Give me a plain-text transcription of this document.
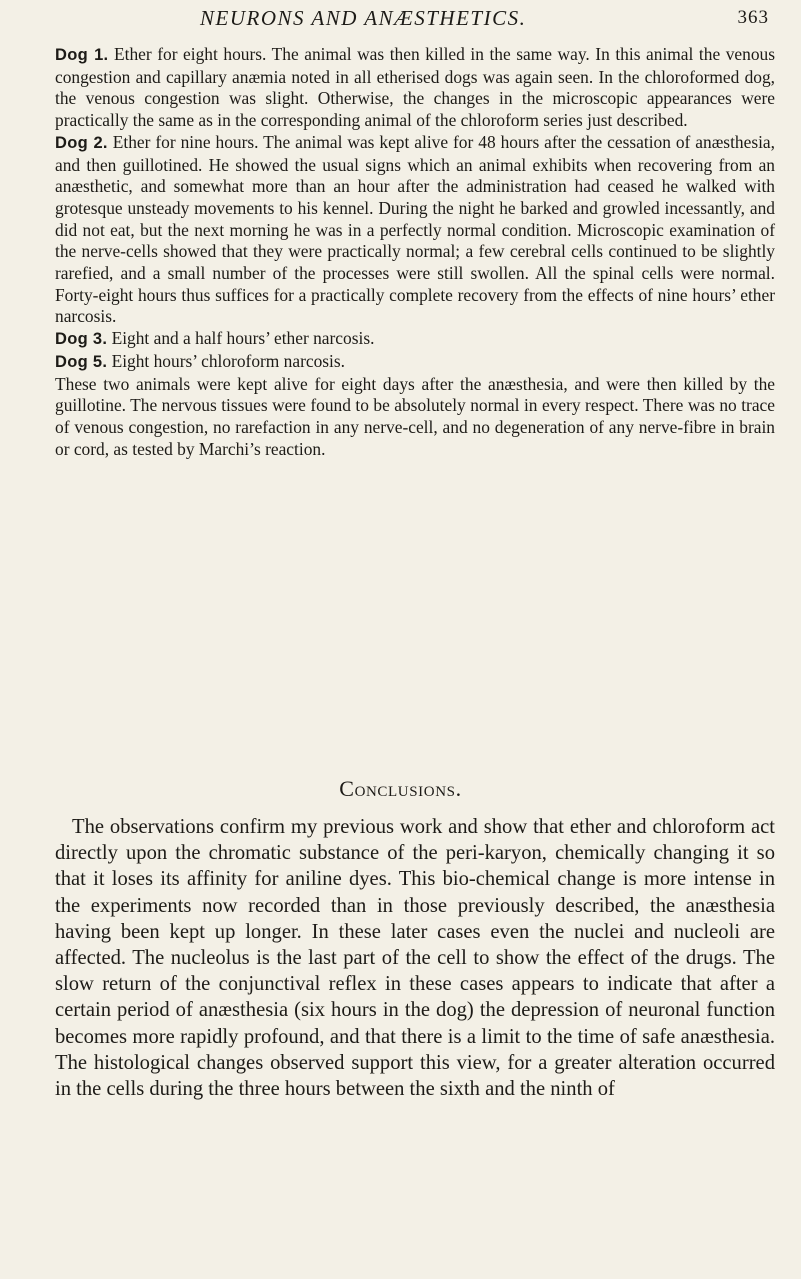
NEURONS AND ANÆSTHETICS.	363

Dog 1. Ether for eight hours. The animal was then killed in the same way. In this animal the venous congestion and capillary anæmia noted in all etherised dogs was again seen. In the chloroformed dog, the venous congestion was slight. Otherwise, the changes in the microscopic appearances were practically the same as in the corresponding animal of the chloroform series just described.

Dog 2. Ether for nine hours. The animal was kept alive for 48 hours after the cessation of anæsthesia, and then guillotined. He showed the usual signs which an animal exhibits when recovering from an anæsthetic, and somewhat more than an hour after the administration had ceased he walked with grotesque unsteady movements to his kennel. During the night he barked and growled incessantly, and did not eat, but the next morning he was in a perfectly normal condition. Microscopic examination of the nerve-cells showed that they were practically normal; a few cerebral cells continued to be slightly rarefied, and a small number of the processes were still swollen. All the spinal cells were normal. Forty-eight hours thus suffices for a practically complete recovery from the effects of nine hours’ ether narcosis.

Dog 3. Eight and a half hours’ ether narcosis.

Dog 5. Eight hours’ chloroform narcosis.

These two animals were kept alive for eight days after the anæsthesia, and were then killed by the guillotine. The nervous tissues were found to be absolutely normal in every respect. There was no trace of venous congestion, no rarefaction in any nerve-cell, and no degeneration of any nerve-fibre in brain or cord, as tested by Marchi’s reaction.

Conclusions.

The observations confirm my previous work and show that ether and chloroform act directly upon the chromatic substance of the peri-karyon, chemically changing it so that it loses its affinity for aniline dyes. This bio-chemical change is more intense in the experiments now recorded than in those previously described, the anæsthesia having been kept up longer. In these later cases even the nuclei and nucleoli are affected. The nucleolus is the last part of the cell to show the effect of the drugs. The slow return of the conjunctival reflex in these cases appears to indicate that after a certain period of anæsthesia (six hours in the dog) the depression of neuronal function becomes more rapidly profound, and that there is a limit to the time of safe anæsthesia. The histological changes observed support this view, for a greater alteration occurred in the cells during the three hours between the sixth and the ninth of
